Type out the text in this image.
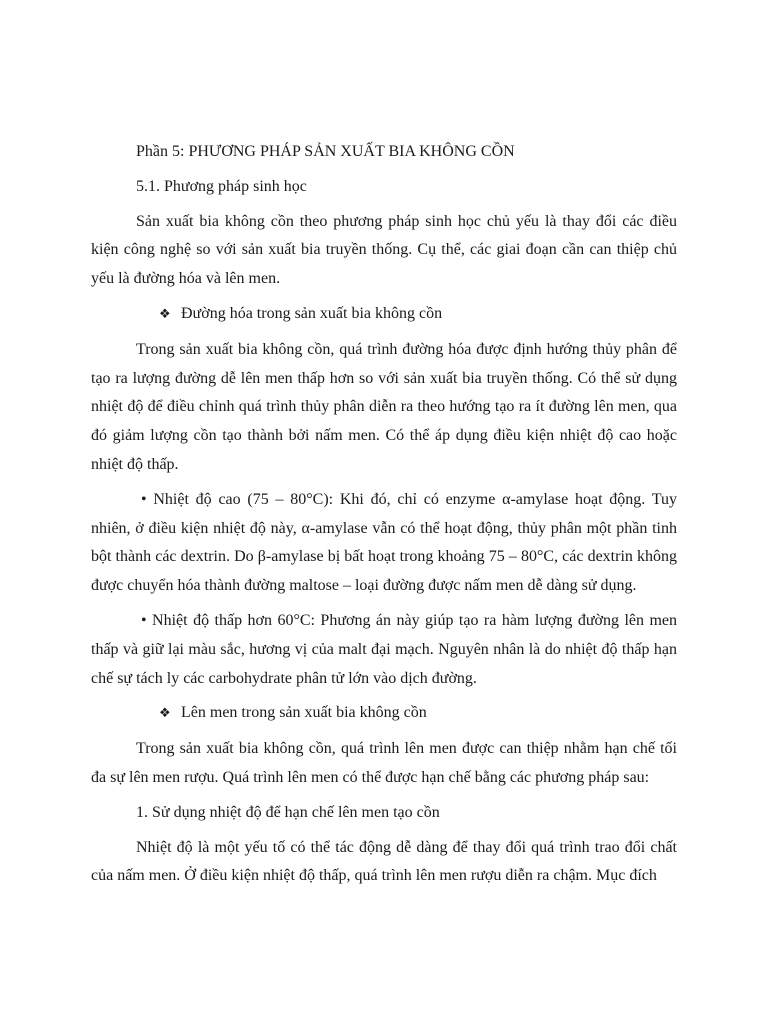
Phần 5: PHƯƠNG PHÁP SẢN XUẤT BIA KHÔNG CỒN

5.1. Phương pháp sinh học

Sản xuất bia không cồn theo phương pháp sinh học chủ yếu là thay đổi các điều kiện công nghệ so với sản xuất bia truyền thống. Cụ thể, các giai đoạn cần can thiệp chủ yếu là đường hóa và lên men.

❖ Đường hóa trong sản xuất bia không cồn

Trong sản xuất bia không cồn, quá trình đường hóa được định hướng thủy phân để tạo ra lượng đường dễ lên men thấp hơn so với sản xuất bia truyền thống. Có thể sử dụng nhiệt độ để điều chỉnh quá trình thủy phân diễn ra theo hướng tạo ra ít đường lên men, qua đó giảm lượng cồn tạo thành bởi nấm men. Có thể áp dụng điều kiện nhiệt độ cao hoặc nhiệt độ thấp.

• Nhiệt độ cao (75 – 80°C): Khi đó, chỉ có enzyme α-amylase hoạt động. Tuy nhiên, ở điều kiện nhiệt độ này, α-amylase vẫn có thể hoạt động, thủy phân một phần tinh bột thành các dextrin. Do β-amylase bị bất hoạt trong khoảng 75 – 80°C, các dextrin không được chuyển hóa thành đường maltose – loại đường được nấm men dễ dàng sử dụng.

• Nhiệt độ thấp hơn 60°C: Phương án này giúp tạo ra hàm lượng đường lên men thấp và giữ lại màu sắc, hương vị của malt đại mạch. Nguyên nhân là do nhiệt độ thấp hạn chế sự tách ly các carbohydrate phân tử lớn vào dịch đường.

❖ Lên men trong sản xuất bia không cồn

Trong sản xuất bia không cồn, quá trình lên men được can thiệp nhằm hạn chế tối đa sự lên men rượu. Quá trình lên men có thể được hạn chế bằng các phương pháp sau:

1. Sử dụng nhiệt độ để hạn chế lên men tạo cồn

Nhiệt độ là một yếu tố có thể tác động dễ dàng để thay đổi quá trình trao đổi chất của nấm men. Ở điều kiện nhiệt độ thấp, quá trình lên men rượu diễn ra chậm. Mục đích
